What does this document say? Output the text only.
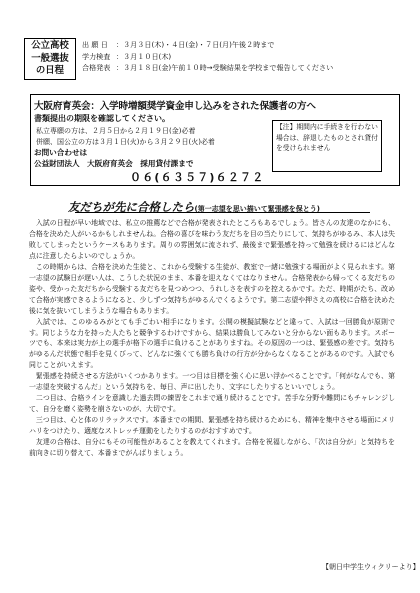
公立高校
一般選抜
の日程
出 願 日 ：３月３日(木)・４日(金)・７日(月)午後２時まで
学力検査 ：３月１０日(木)
合格発表 ：３月１８日(金)午前１０時→受験結果を学校まで報告してください
大阪府育英会：入学時増額奨学資金申し込みをされた保護者の方へ
書類提出の期限を確認してください。
私立専願の方は、２月５日から２月１９日(金)必着
併願、国公立の方は３月１日(火)から３月２９日(火)必着
お問い合わせは
公益財団法人　大阪府育英会　採用貸付課まで
０６(６３５７)６２７２
【注】期間内に手続きを行わない場合は、辞退したものとされ貸付を受けられません
友だちが先に合格したら(第一志望を思い描いて緊張感を保とう)

入試の日程が早い地域では、私立の推薦などで合格が発表されたところもあるでしょう。皆さんの友達のなかにも、合格を決めた人がいるかもしれませんね。合格の喜びを味わう友だちを目の当たりにして、気持ちがゆるみ、本人は失敗してしまったというケースもあります。周りの雰囲気に流されず、最後まで緊張感を持って勉強を続けるにはどんな点に注意したらよいのでしょうか。

この時期からは、合格を決めた生徒と、これから受験する生徒が、教室で一緒に勉強する場面がよく見られます。第一志望の試験日が遅い人は、こうした状況のまま、本番を迎えなくてはなりません。合格発表から帰ってくる友だちの姿や、受かった友だちから受験する友だちを見つめつつ、うれしさを表すのを控えるかです。ただ、時期がたち、改めて合格が実感できるようになると、少しずつ気持ちがゆるんでくるようです。第二志望や押さえの高校に合格を決めた後に気を抜いてしまうような場合もあります。

入試では、このゆるみがとても手ごわい相手になります。公開の模擬試験などと違って、入試は一回勝負が原則です。同じような力を持った人たちと競争するわけですから、結果は勝負してみないと分からない面もあります。スポーツでも、本来は実力が上の選手が格下の選手に負けることがありますね。その原因の一つは、緊張感の差です。気持ちがゆるんだ状態で相手を見くびって、どんなに強くても勝ち負けの行方が分からなくなることがあるのです。入試でも同じことがいえます。

緊張感を持続させる方法がいくつかあります。一つ目は目標を強く心に思い浮かべることです。「何がなんでも、第一志望を突破するんだ」という気持ちを、毎日、声に出したり、文字にしたりするといいでしょう。

二つ目は、合格ラインを意識した過去問の練習をこれまで通り続けることです。苦手な分野や難問にもチャレンジして、自分を磨く姿勢を崩さないのが、大切です。

三つ目は、心と体のリラックスです。本番までの期間、緊張感を持ち続けるためにも、精神を集中させる場面にメリハリをつけたり、適度なストレッチ運動をしたりするのがおすすめです。

友達の合格は、自分にもその可能性があることを教えてくれます。合格を祝福しながら、「次は自分が」と気持ちを前向きに切り替えて、本番までがんばりましょう。

【朝日中学生ウィクリーより】
